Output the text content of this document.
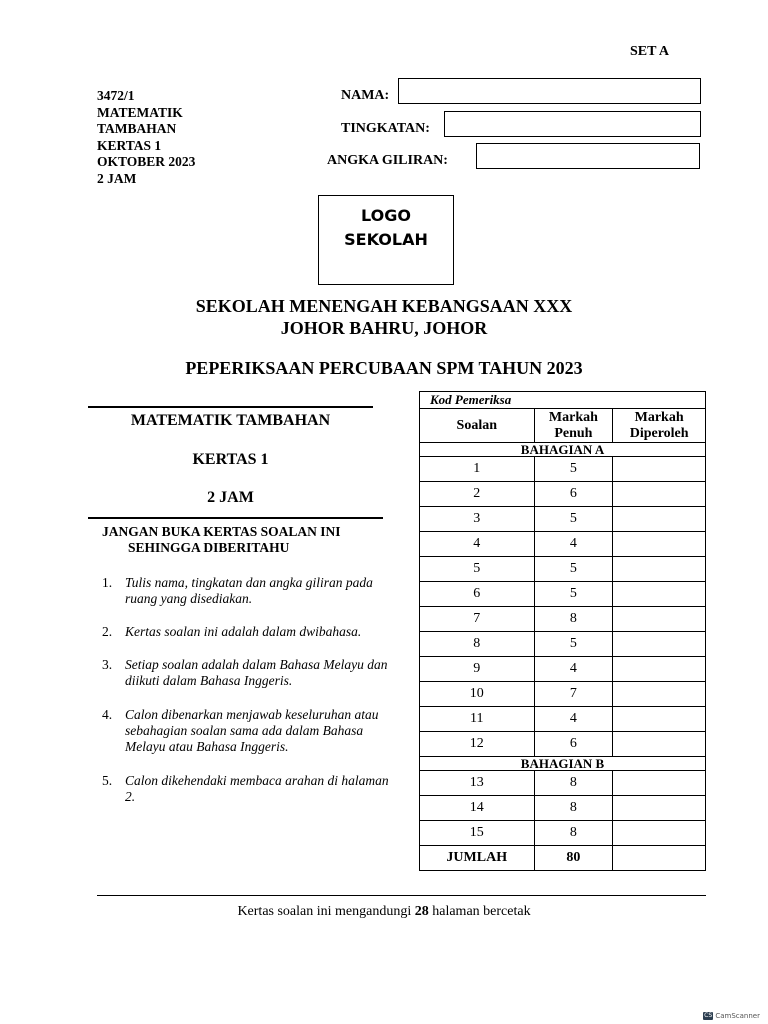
SET A
3472/1
MATEMATIK
TAMBAHAN
KERTAS 1
OKTOBER 2023
2 JAM
NAMA:
TINGKATAN:
ANGKA GILIRAN:
LOGO
SEKOLAH
SEKOLAH MENENGAH KEBANGSAAN XXX
JOHOR BAHRU, JOHOR
PEPERIKSAAN PERCUBAAN SPM TAHUN 2023
MATEMATIK TAMBAHAN
KERTAS 1
2 JAM
JANGAN BUKA KERTAS SOALAN INI
SEHINGGA DIBERITAHU
1. Tulis nama, tingkatan dan angka giliran pada ruang yang disediakan.
2. Kertas soalan ini adalah dalam dwibahasa.
3. Setiap soalan adalah dalam Bahasa Melayu dan diikuti dalam Bahasa Inggeris.
4. Calon dibenarkan menjawab keseluruhan atau sebahagian soalan sama ada dalam Bahasa Melayu atau Bahasa Inggeris.
5. Calon dikehendaki membaca arahan di halaman 2.
Kod Pemeriksa		
Soalan	Markah Penuh	Markah Diperoleh
BAHAGIAN A		
1	5	
2	6	
3	5	
4	4	
5	5	
6	5	
7	8	
8	5	
9	4	
10	7	
11	4	
12	6	
BAHAGIAN B		
13	8	
14	8	
15	8	
JUMLAH	80	
Kertas soalan ini mengandungi 28 halaman bercetak
CS CamScanner
